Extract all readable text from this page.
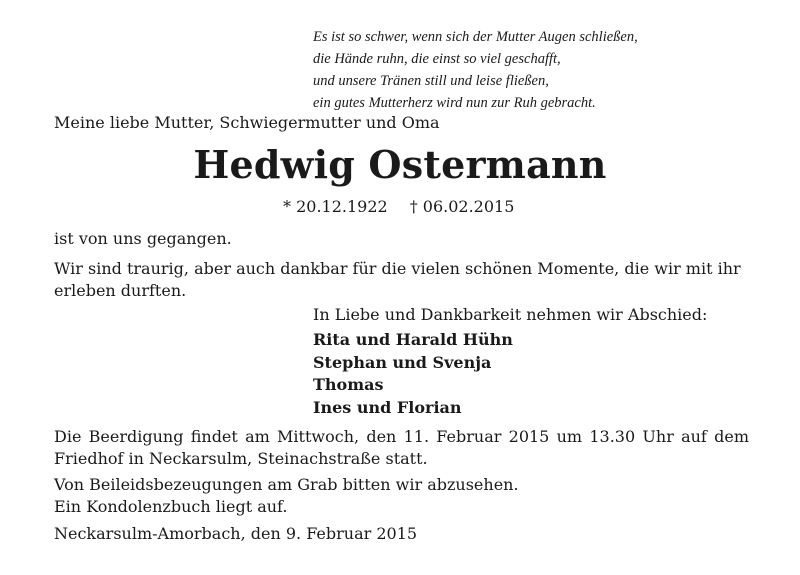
Es ist so schwer, wenn sich der Mutter Augen schließen,
die Hände ruhn, die einst so viel geschafft,
und unsere Tränen still und leise fließen,
ein gutes Mutterherz wird nun zur Ruh gebracht.
Meine liebe Mutter, Schwiegermutter und Oma
Hedwig Ostermann
* 20.12.1922 † 06.02.2015
ist von uns gegangen.
Wir sind traurig, aber auch dankbar für die vielen schönen Momente, die wir mit ihr erleben durften.
In Liebe und Dankbarkeit nehmen wir Abschied:
Rita und Harald Hühn
Stephan und Svenja
Thomas
Ines und Florian
Die Beerdigung findet am Mittwoch, den 11. Februar 2015 um 13.30 Uhr auf dem Friedhof in Neckarsulm, Steinachstraße statt.
Von Beileidsbezeugungen am Grab bitten wir abzusehen.
Ein Kondolenzbuch liegt auf.
Neckarsulm-Amorbach, den 9. Februar 2015
